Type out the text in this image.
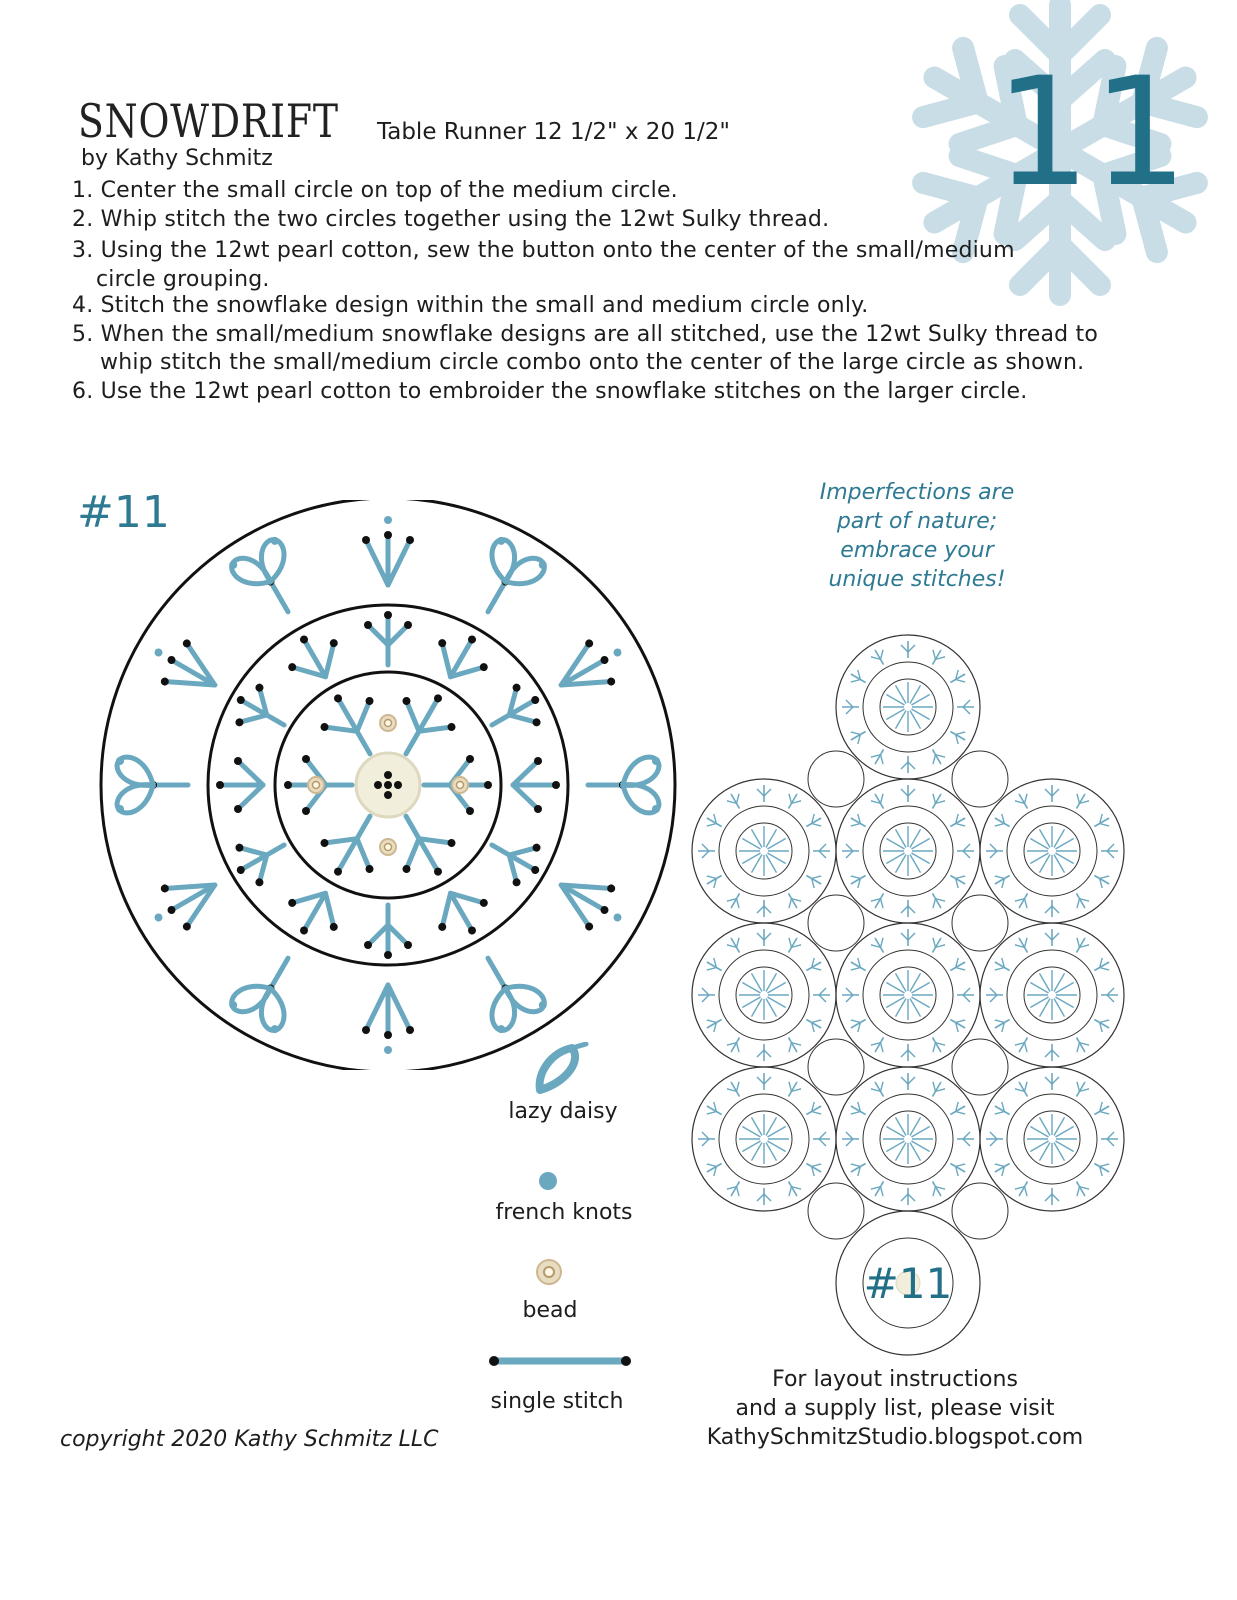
11
SNOWDRIFT Table Runner 12 1/2" x 20 1/2"
by Kathy Schmitz
1. Center the small circle on top of the medium circle.
2. Whip stitch the two circles together using the 12wt Sulky thread.
3. Using the 12wt pearl cotton, sew the button onto the center of the small/medium
circle grouping.
4. Stitch the snowflake design within the small and medium circle only.
5. When the small/medium snowflake designs are all stitched, use the 12wt Sulky thread to
whip stitch the small/medium circle combo onto the center of the large circle as shown.
6. Use the 12wt pearl cotton to embroider the snowflake stitches on the larger circle.
#11	Imperfections are
part of nature;
embrace your
unique stitches!
lazy daisy
french knots
bead
single stitch
#11
For layout instructions
and a supply list, please visit
KathySchmitzStudio.blogspot.com
copyright 2020 Kathy Schmitz LLC
